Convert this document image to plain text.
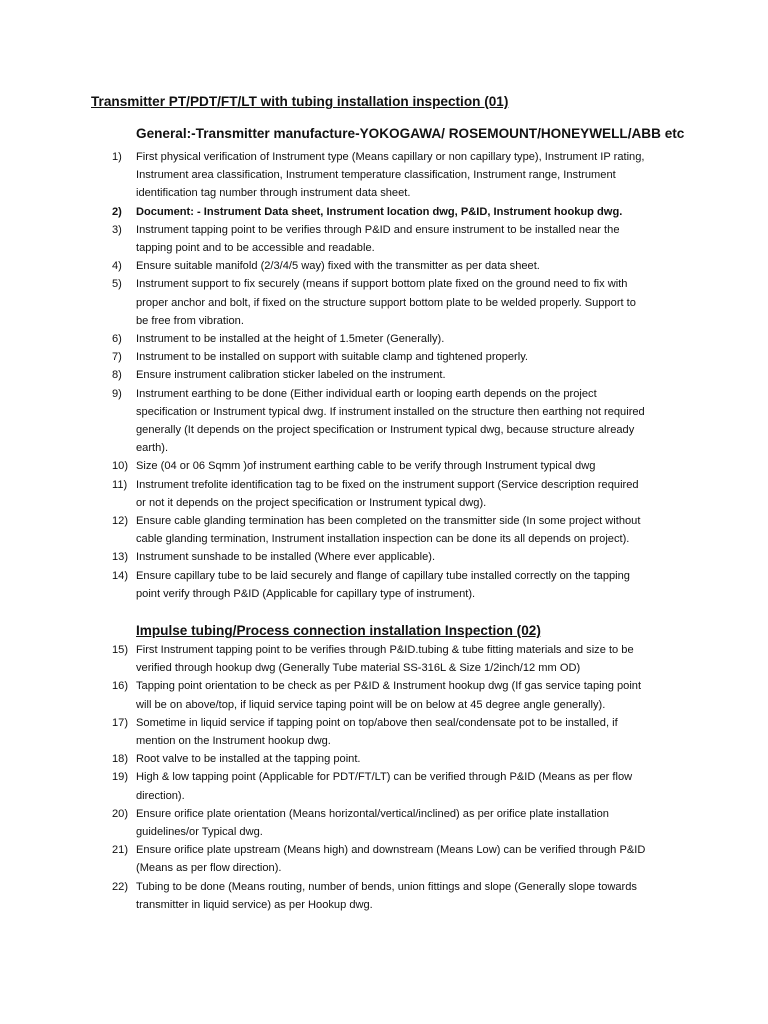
Transmitter PT/PDT/FT/LT with tubing installation inspection (01)
General:-Transmitter manufacture-YOKOGAWA/ ROSEMOUNT/HONEYWELL/ABB etc
1)	First physical verification of Instrument type (Means capillary or non capillary type), Instrument IP rating,
Instrument area classification, Instrument temperature classification, Instrument range, Instrument
identification tag number through instrument data sheet.
2)	Document: - Instrument Data sheet, Instrument location dwg, P&ID, Instrument hookup dwg.
3)	Instrument tapping point to be verifies through P&ID and ensure instrument to be installed near the
tapping point and to be accessible and readable.
4)	Ensure suitable manifold (2/3/4/5 way) fixed with the transmitter as per data sheet.
5)	Instrument support to fix securely (means if support bottom plate fixed on the ground need to fix with
proper anchor and bolt, if fixed on the structure support bottom plate to be welded properly. Support to
be free from vibration.
6)	Instrument to be installed at the height of 1.5meter (Generally).
7)	Instrument to be installed on support with suitable clamp and tightened properly.
8)	Ensure instrument calibration sticker labeled on the instrument.
9)	Instrument earthing to be done (Either individual earth or looping earth depends on the project
specification or Instrument typical dwg. If instrument installed on the structure then earthing not required
generally (It depends on the project specification or Instrument typical dwg, because structure already
earth).
10) Size (04 or 06 Sqmm )of instrument earthing cable to be verify through Instrument typical dwg
11) Instrument trefolite identification tag to be fixed on the instrument support (Service description required
or not it depends on the project specification or Instrument typical dwg).
12) Ensure cable glanding termination has been completed on the transmitter side (In some project without
cable glanding termination, Instrument installation inspection can be done its all depends on project).
13) Instrument sunshade to be installed (Where ever applicable).
14) Ensure capillary tube to be laid securely and flange of capillary tube installed correctly on the tapping
point verify through P&ID (Applicable for capillary type of instrument).
Impulse tubing/Process connection installation Inspection (02)
15) First Instrument tapping point to be verifies through P&ID.tubing & tube fitting materials and size to be
verified through hookup dwg (Generally Tube material SS-316L & Size 1/2inch/12 mm OD)
16) Tapping point orientation to be check as per P&ID & Instrument hookup dwg (If gas service taping point
will be on above/top, if liquid service taping point will be on below at 45 degree angle generally).
17) Sometime in liquid service if tapping point on top/above then seal/condensate pot to be installed, if
mention on the Instrument hookup dwg.
18) Root valve to be installed at the tapping point.
19) High & low tapping point (Applicable for PDT/FT/LT) can be verified through P&ID (Means as per flow
direction).
20) Ensure orifice plate orientation (Means horizontal/vertical/inclined) as per orifice plate installation
guidelines/or Typical dwg.
21) Ensure orifice plate upstream (Means high) and downstream (Means Low) can be verified through P&ID
(Means as per flow direction).
22) Tubing to be done (Means routing, number of bends, union fittings and slope (Generally slope towards
transmitter in liquid service) as per Hookup dwg.
